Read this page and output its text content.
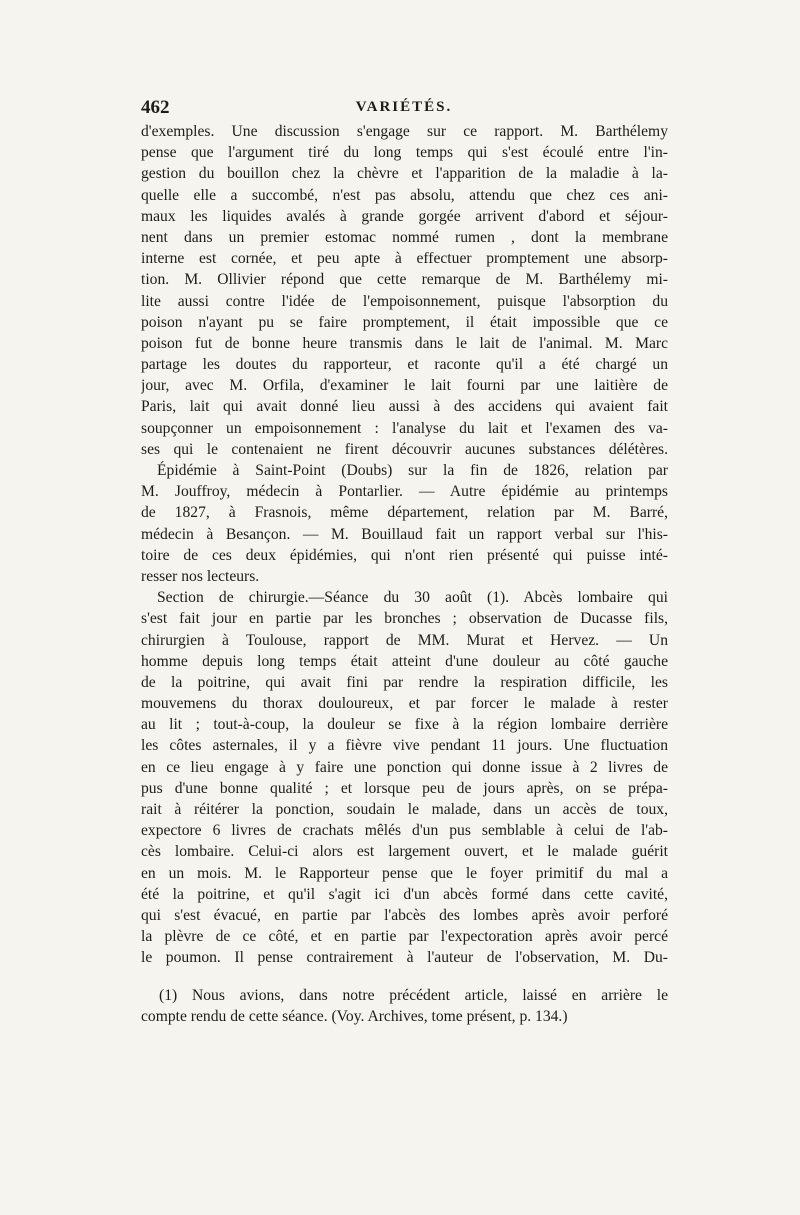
462	VARIÉTÉS.
d'exemples. Une discussion s'engage sur ce rapport. M. Barthélemy
pense que l'argument tiré du long temps qui s'est écoulé entre l'in-
gestion du bouillon chez la chèvre et l'apparition de la maladie à la-
quelle elle a succombé, n'est pas absolu, attendu que chez ces ani-
maux les liquides avalés à grande gorgée arrivent d'abord et séjour-
nent dans un premier estomac nommé rumen , dont la membrane
interne est cornée, et peu apte à effectuer promptement une absorp-
tion. M. Ollivier répond que cette remarque de M. Barthélemy mi-
lite aussi contre l'idée de l'empoisonnement, puisque l'absorption du
poison n'ayant pu se faire promptement, il était impossible que ce
poison fut de bonne heure transmis dans le lait de l'animal. M. Marc
partage les doutes du rapporteur, et raconte qu'il a été chargé un
jour, avec M. Orfila, d'examiner le lait fourni par une laitière de
Paris, lait qui avait donné lieu aussi à des accidens qui avaient fait
soupçonner un empoisonnement : l'analyse du lait et l'examen des va-
ses qui le contenaient ne firent découvrir aucunes substances délétères.
Épidémie à Saint-Point (Doubs) sur la fin de 1826, relation par
M. Jouffroy, médecin à Pontarlier. — Autre épidémie au printemps
de 1827, à Frasnois, même département, relation par M. Barré,
médecin à Besançon. — M. Bouillaud fait un rapport verbal sur l'his-
toire de ces deux épidémies, qui n'ont rien présenté qui puisse inté-
resser nos lecteurs.
Section de chirurgie.—Séance du 30 août (1). Abcès lombaire qui
s'est fait jour en partie par les bronches ; observation de Ducasse fils,
chirurgien à Toulouse, rapport de MM. Murat et Hervez. — Un
homme depuis long temps était atteint d'une douleur au côté gauche
de la poitrine, qui avait fini par rendre la respiration difficile, les
mouvemens du thorax douloureux, et par forcer le malade à rester
au lit ; tout-à-coup, la douleur se fixe à la région lombaire derrière
les côtes asternales, il y a fièvre vive pendant 11 jours. Une fluctuation
en ce lieu engage à y faire une ponction qui donne issue à 2 livres de
pus d'une bonne qualité ; et lorsque peu de jours après, on se prépa-
rait à réitérer la ponction, soudain le malade, dans un accès de toux,
expectore 6 livres de crachats mêlés d'un pus semblable à celui de l'ab-
cès lombaire. Celui-ci alors est largement ouvert, et le malade guérit
en un mois. M. le Rapporteur pense que le foyer primitif du mal a
été la poitrine, et qu'il s'agit ici d'un abcès formé dans cette cavité,
qui s'est évacué, en partie par l'abcès des lombes après avoir perforé
la plèvre de ce côté, et en partie par l'expectoration après avoir percé
le poumon. Il pense contrairement à l'auteur de l'observation, M. Du-
(1) Nous avions, dans notre précédent article, laissé en arrière le
compte rendu de cette séance. (Voy. Archives, tome présent, p. 134.)
